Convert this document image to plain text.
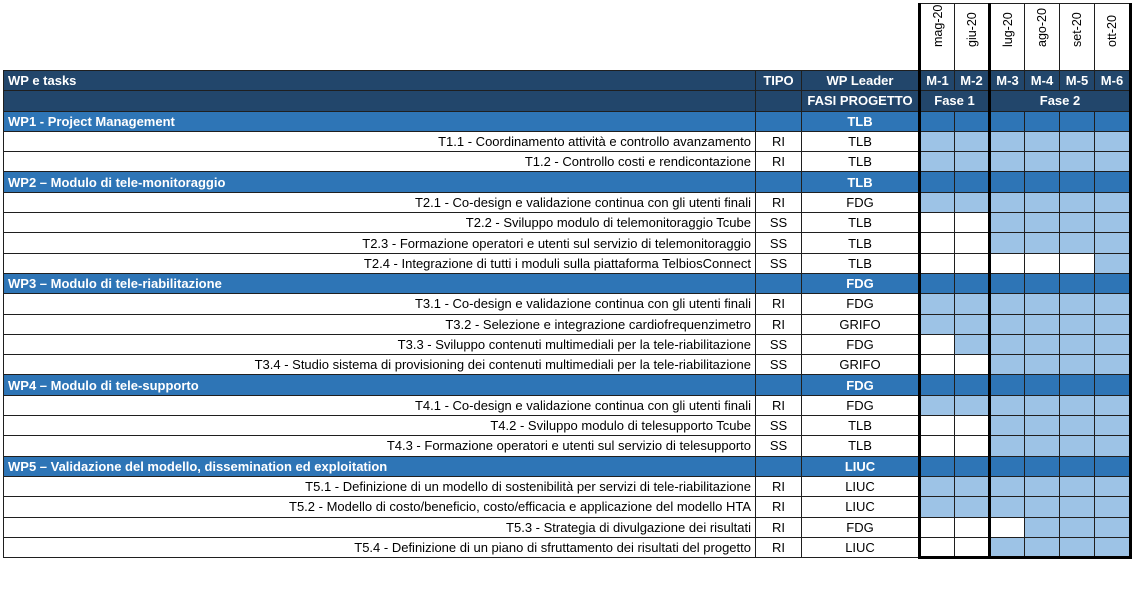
			mag-20	giu-20	lug-20	ago-20	set-20	ott-20

WP e tasks	TIPO	WP Leader	M-1	M-2	M-3	M-4	M-5	M-6
		FASI PROGETTO	Fase 1		Fase 2			
WP1 - Project Management		TLB						
T1.1 - Coordinamento attività e controllo avanzamento	RI	TLB						
T1.2 - Controllo costi e rendicontazione	RI	TLB						
WP2 – Modulo di tele-monitoraggio		TLB						
T2.1 - Co-design e validazione continua con gli utenti finali	RI	FDG						
T2.2 - Sviluppo modulo di telemonitoraggio Tcube	SS	TLB						
T2.3 - Formazione operatori e utenti sul servizio di telemonitoraggio	SS	TLB						
T2.4 - Integrazione di tutti i moduli sulla piattaforma TelbiosConnect	SS	TLB						
WP3 – Modulo di tele-riabilitazione		FDG						
T3.1 - Co-design e validazione continua con gli utenti finali	RI	FDG						
T3.2 - Selezione e integrazione cardiofrequenzimetro	RI	GRIFO						
T3.3 - Sviluppo contenuti multimediali per la tele-riabilitazione	SS	FDG						
T3.4 - Studio sistema di provisioning dei contenuti multimediali per la tele-riabilitazione	SS	GRIFO						
WP4 – Modulo di tele-supporto		FDG						
T4.1 - Co-design e validazione continua con gli utenti finali	RI	FDG						
T4.2 - Sviluppo modulo di telesupporto Tcube	SS	TLB						
T4.3 - Formazione operatori e utenti sul servizio di telesupporto	SS	TLB						
WP5 – Validazione del modello, dissemination ed exploitation		LIUC						
T5.1 - Definizione di un modello di sostenibilità per servizi di tele-riabilitazione	RI	LIUC						
T5.2 - Modello di costo/beneficio, costo/efficacia e applicazione del modello HTA	RI	LIUC						
T5.3 - Strategia di divulgazione dei risultati	RI	FDG						
T5.4 - Definizione di un piano di sfruttamento dei risultati del progetto	RI	LIUC						
